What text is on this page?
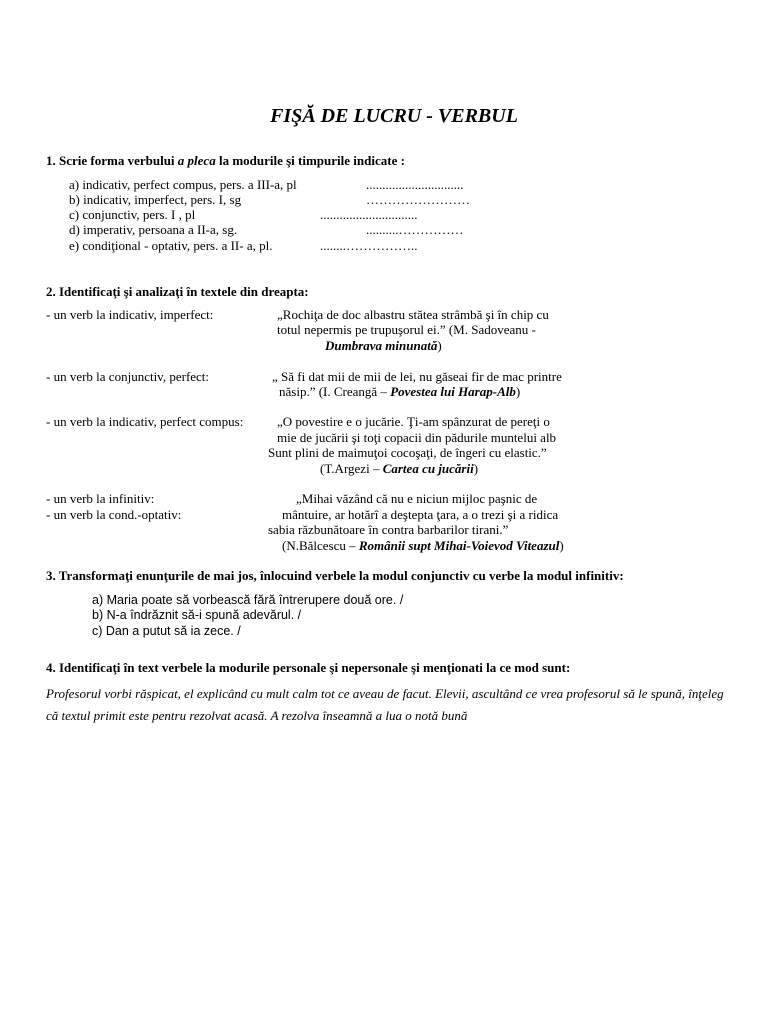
FIŞĂ DE LUCRU - VERBUL
1. Scrie forma verbului a pleca la modurile şi timpurile indicate :
a) indicativ, perfect compus, pers. a III-a, pl	..............................
b) indicativ, imperfect, pers. I, sg	……………………
c) conjunctiv, pers. I , pl	..............................
d) imperativ, persoana a II-a, sg.	..........……………
e) condiţional - optativ, pers. a II- a, pl.	........……………..
2. Identificaţi şi analizaţi în textele din dreapta:
- un verb la indicativ, imperfect:	„Rochiţa de doc albastru stătea strâmbă şi în chip cu
totul nepermis pe trupuşorul ei.” (M. Sadoveanu -
Dumbrava minunată)
- un verb la conjunctiv, perfect:	„ Să fi dat mii de mii de lei, nu găseai fir de mac printre
năsip.” (I. Creangă – Povestea lui Harap-Alb)
- un verb la indicativ, perfect compus:	„O povestire e o jucărie. Ţi-am spânzurat de pereţi o
mie de jucării şi toţi copacii din pădurile muntelui alb
Sunt plini de maimuţoi cocoşaţi, de îngeri cu elastic.”
(T.Argezi – Cartea cu jucării)
- un verb la infinitiv:
- un verb la cond.-optativ:
„Mihai văzând că nu e niciun mijloc paşnic de
mântuire, ar hotărî a deştepta ţara, a o trezi şi a ridica
sabia răzbunătoare în contra barbarilor tirani.”
(N.Bălcescu – Românii supt Mihai-Voievod Viteazul)
3. Transformaţi enunţurile de mai jos, înlocuind verbele la modul conjunctiv cu verbe la modul infinitiv:
a) Maria poate să vorbească fără întrerupere două ore. /
b) N-a îndrăznit să-i spună adevărul. /
c) Dan a putut să ia zece. /
4. Identificaţi în text verbele la modurile personale şi nepersonale şi menţionati la ce mod sunt:
Profesorul vorbi răspicat, el explicând cu mult calm tot ce aveau de facut. Elevii, ascultând ce vrea profesorul să le spună, înţeleg că textul primit este pentru rezolvat acasă. A rezolva înseamnă a lua o notă bună
